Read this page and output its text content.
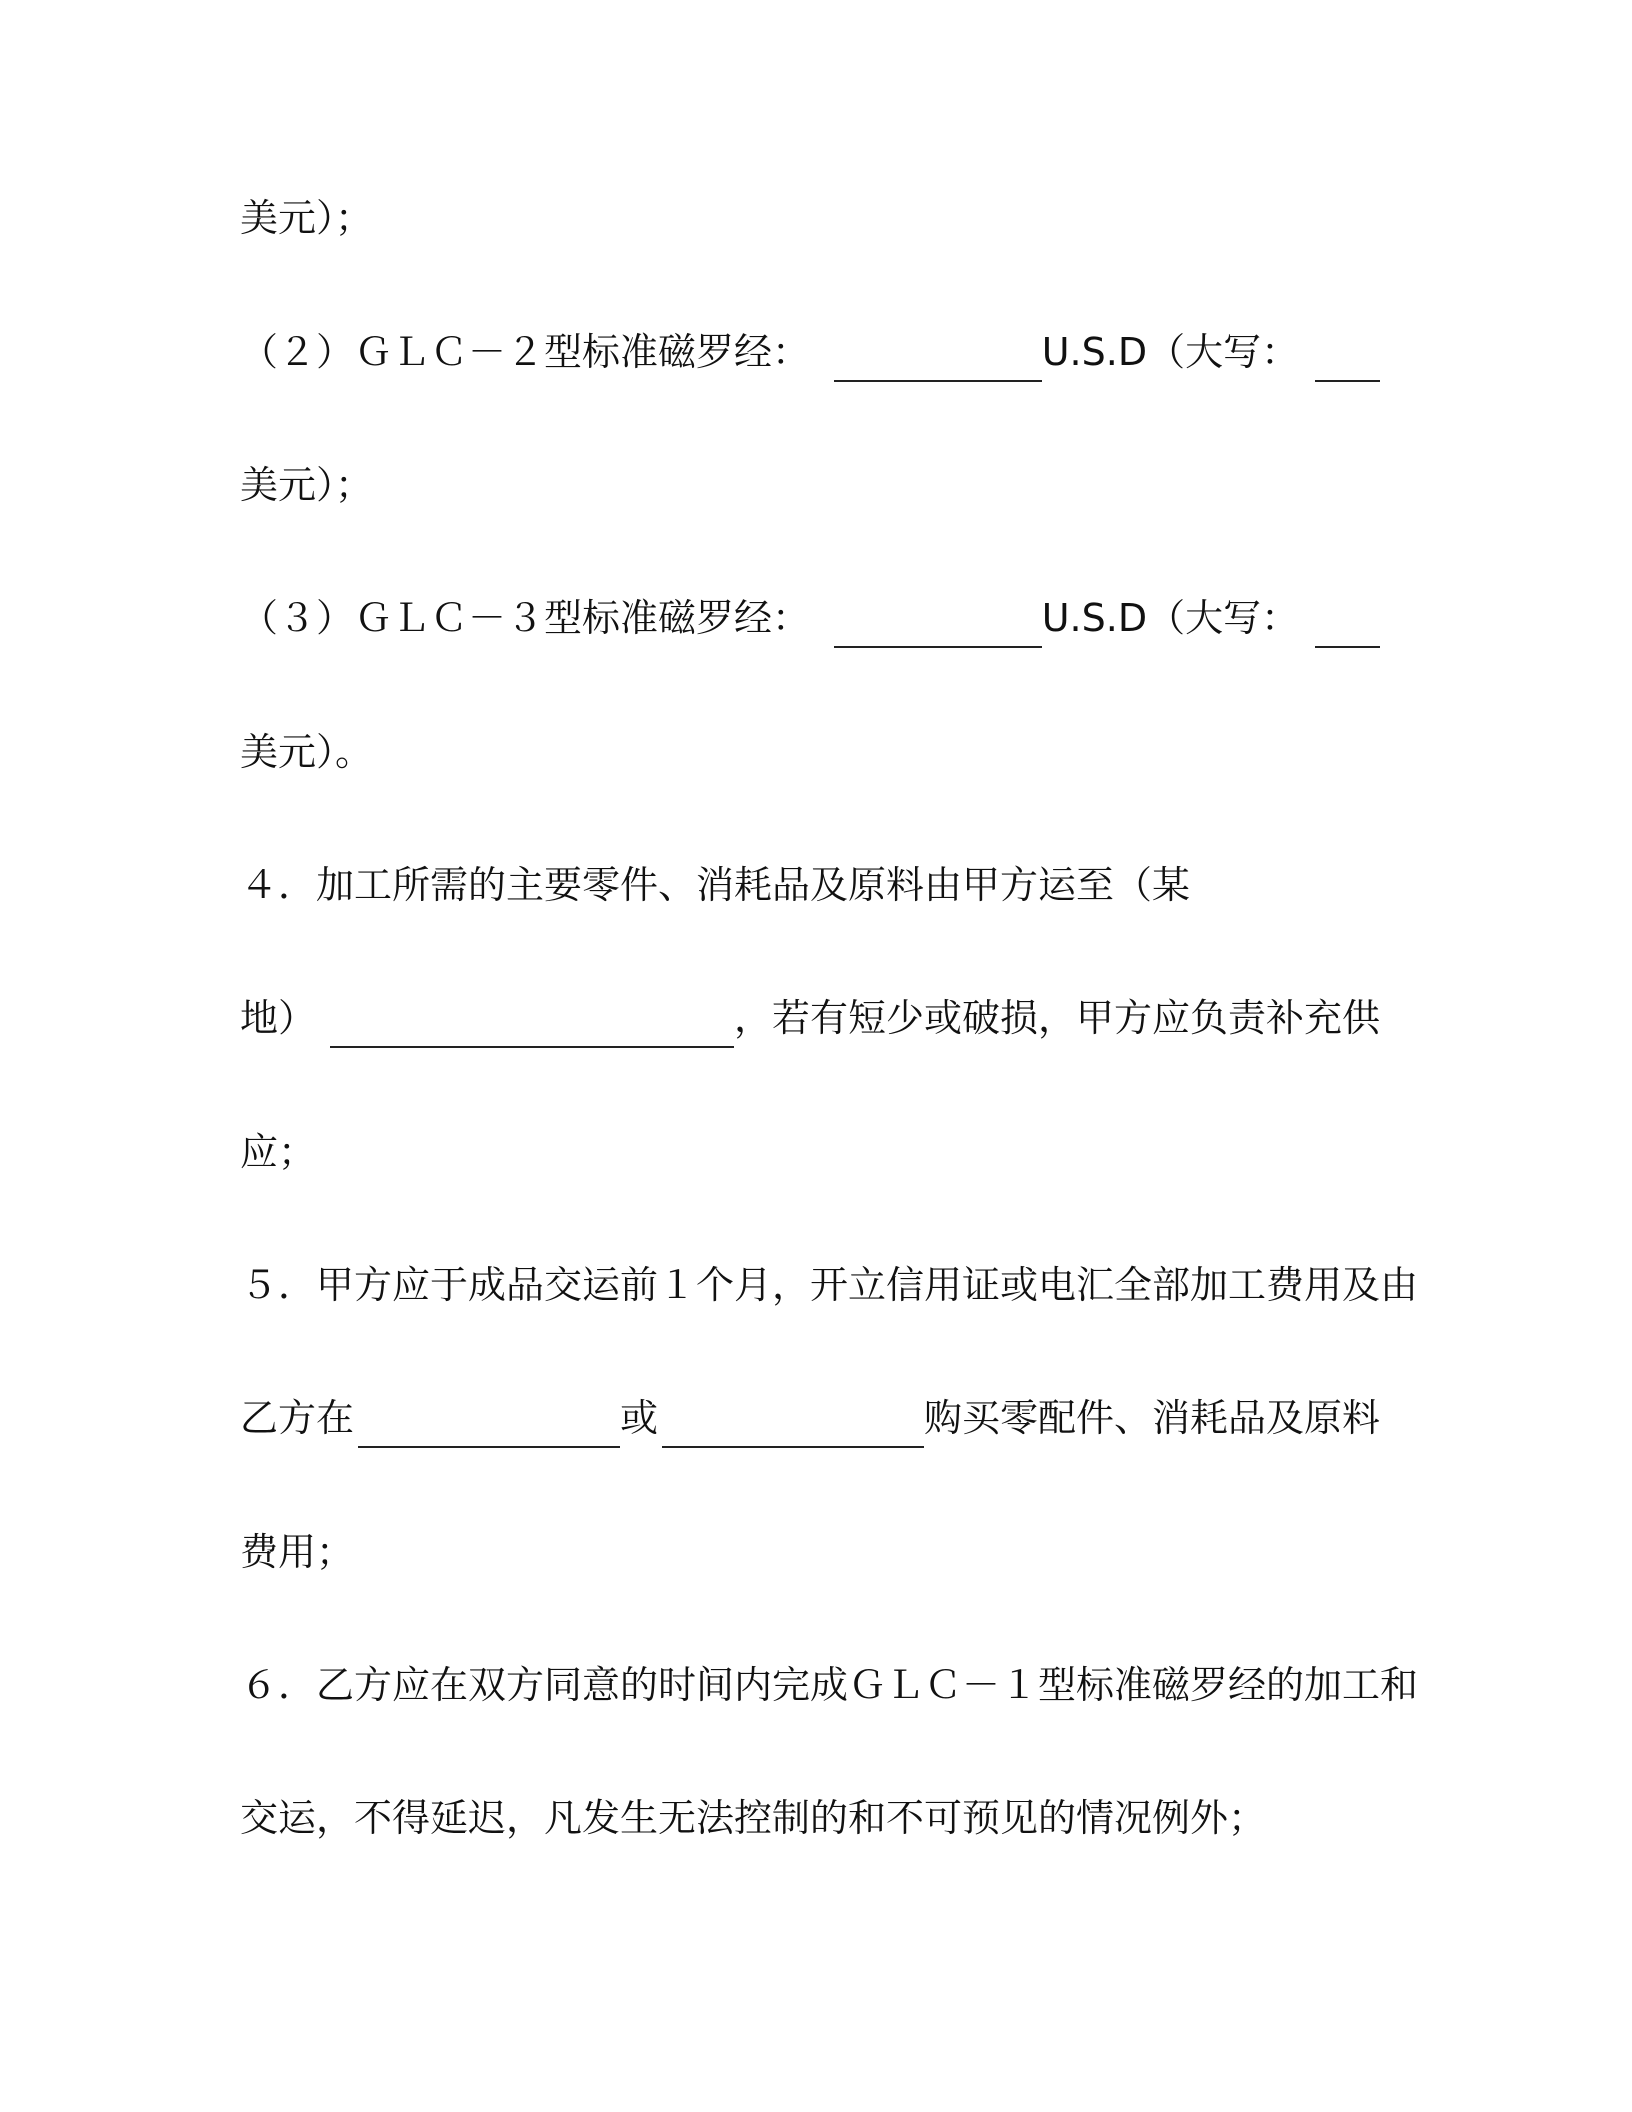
美元）；
（２）ＧＬＣ－２型标准磁罗经：	U.S.D（大写：
美元）；
（３）ＧＬＣ－３型标准磁罗经：	U.S.D（大写：
美元）。
４．加工所需的主要零件、消耗品及原料由甲方运至（某
地）	，若有短少或破损，甲方应负责补充供
应；
５．甲方应于成品交运前１个月，开立信用证或电汇全部加工费用及由
乙方在	或	购买零配件、消耗品及原料
费用；
６．乙方应在双方同意的时间内完成ＧＬＣ－１型标准磁罗经的加工和
交运，不得延迟，凡发生无法控制的和不可预见的情况例外；
